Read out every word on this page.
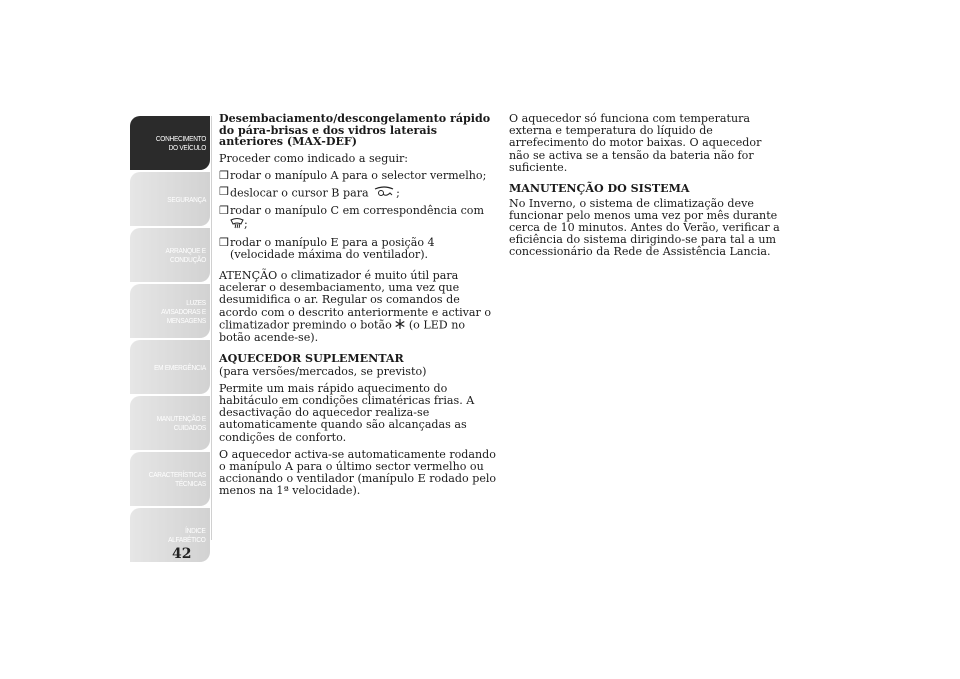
CONHECIMENTO
DO VEÍCULO
SEGURANÇA
ARRANQUE E
CONDUÇÃO
LUZES
AVISADORAS E
MENSAGENS
EM EMERGÊNCIA
MANUTENÇÃO E
CUIDADOS
CARACTERÍSTICAS
TÉCNICAS
ÍNDICE
ALFABÉTICO
42

Desembaciamento/descongelamento rápido do pára-brisas e dos vidros laterais anteriores (MAX-DEF)

Proceder como indicado a seguir:

❒ rodar o manípulo A para o selector vermelho;
❒ deslocar o cursor B para ;
❒ rodar o manípulo C em correspondência com
;
❒ rodar o manípulo E para a posição 4 (velocidade máxima do ventilador).

ATENÇÃO o climatizador é muito útil para acelerar o desembaciamento, uma vez que desumidifica o ar. Regular os comandos de acordo com o descrito anteriormente e activar o climatizador premindo o botão (o LED no botão acende-se).

AQUECEDOR SUPLEMENTAR

(para versões/mercados, se previsto)

Permite um mais rápido aquecimento do habitáculo em condições climatéricas frias. A desactivação do aquecedor realiza-se automaticamente quando são alcançadas as condições de conforto.

O aquecedor activa-se automaticamente rodando o manípulo A para o último sector vermelho ou accionando o ventilador (manípulo E rodado pelo menos na 1ª velocidade).

O aquecedor só funciona com temperatura externa e temperatura do líquido de arrefecimento do motor baixas. O aquecedor não se activa se a tensão da bateria não for suficiente.

MANUTENÇÃO DO SISTEMA

No Inverno, o sistema de climatização deve funcionar pelo menos uma vez por mês durante cerca de 10 minutos. Antes do Verão, verificar a eficiência do sistema dirigindo-se para tal a um concessionário da Rede de Assistência Lancia.
